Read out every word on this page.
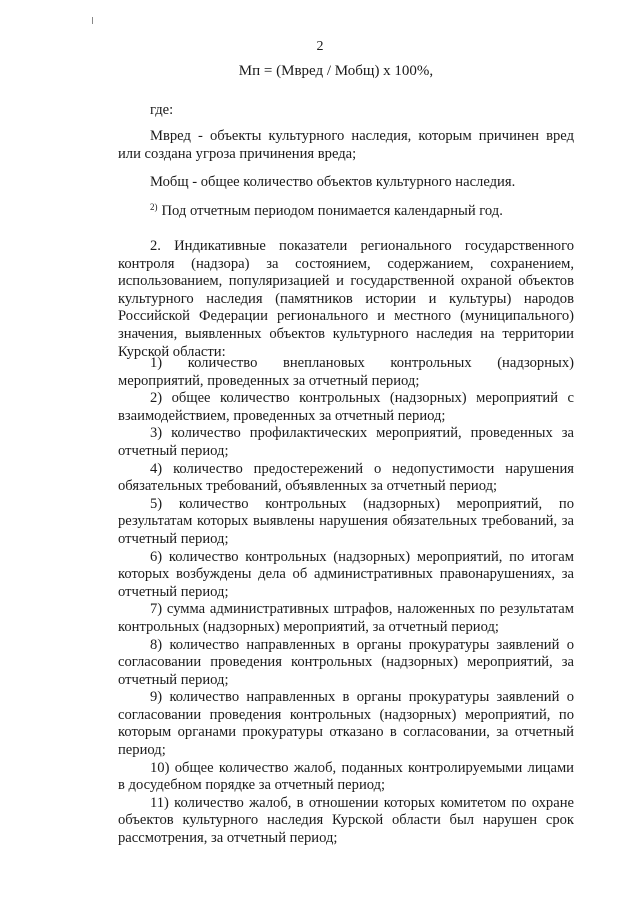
2
Мп = (Мвред / Мобщ) х 100%,

где:

Мвред - объекты культурного наследия, которым причинен вред или создана угроза причинения вреда;

Мобщ - общее количество объектов культурного наследия.

$^{2)}$ Под отчетным периодом понимается календарный год.

2. Индикативные показатели регионального государственного контроля (надзора) за состоянием, содержанием, сохранением, использованием, популяризацией и государственной охраной объектов культурного наследия (памятников истории и культуры) народов Российской Федерации регионального и местного (муниципального) значения, выявленных объектов культурного наследия на территории Курской области:

1) количество внеплановых контрольных (надзорных) мероприятий, проведенных за отчетный период;
2) общее количество контрольных (надзорных) мероприятий с взаимодействием, проведенных за отчетный период;
3) количество профилактических мероприятий, проведенных за отчетный период;
4) количество предостережений о недопустимости нарушения обязательных требований, объявленных за отчетный период;
5) количество контрольных (надзорных) мероприятий, по результатам которых выявлены нарушения обязательных требований, за отчетный период;
6) количество контрольных (надзорных) мероприятий, по итогам которых возбуждены дела об административных правонарушениях, за отчетный период;
7) сумма административных штрафов, наложенных по результатам контрольных (надзорных) мероприятий, за отчетный период;
8) количество направленных в органы прокуратуры заявлений о согласовании проведения контрольных (надзорных) мероприятий, за отчетный период;
9) количество направленных в органы прокуратуры заявлений о согласовании проведения контрольных (надзорных) мероприятий, по которым органами прокуратуры отказано в согласовании, за отчетный период;
10) общее количество жалоб, поданных контролируемыми лицами в досудебном порядке за отчетный период;
11) количество жалоб, в отношении которых комитетом по охране объектов культурного наследия Курской области был нарушен срок рассмотрения, за отчетный период;
